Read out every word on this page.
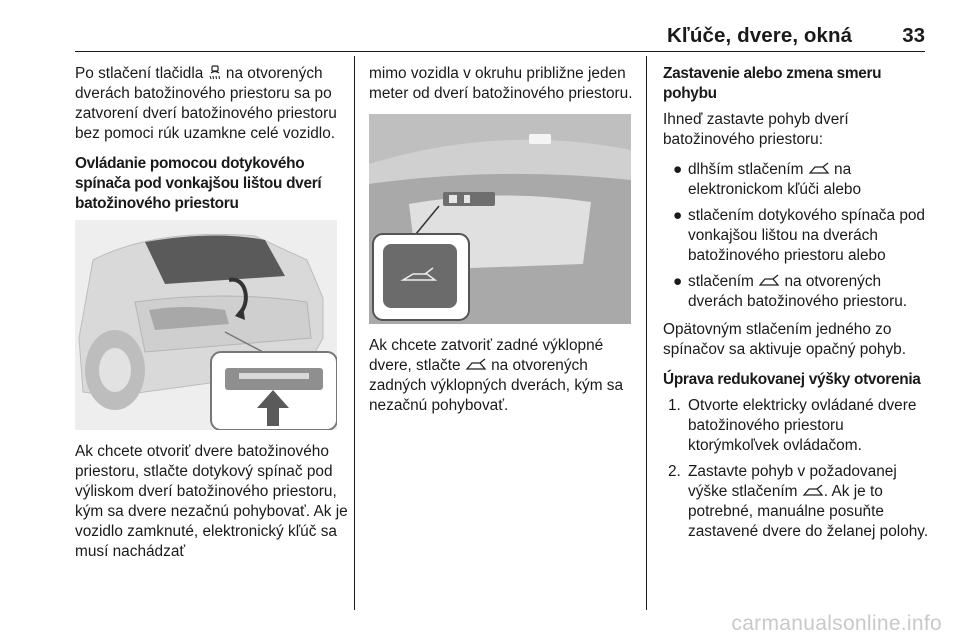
Kľúče, dvere, okná 33

Po stlačení tlačidla na otvorených dverách batožinového priestoru sa po zatvorení dverí batožinového priestoru bez pomoci rúk uzamkne celé vozidlo.

Ovládanie pomocou dotykového spínača pod vonkajšou lištou dverí batožinového priestoru

Ak chcete otvoriť dvere batožinového priestoru, stlačte dotykový spínač pod výliskom dverí batožinového priestoru, kým sa dvere nezačnú pohybovať. Ak je vozidlo zamknuté, elektronický kľúč sa musí nachádzať

mimo vozidla v okruhu približne jeden meter od dverí batožinového priestoru.

Ak chcete zatvoriť zadné výklopné dvere, stlačte na otvorených zadných výklopných dverách, kým sa nezačnú pohybovať.

Zastavenie alebo zmena smeru pohybu

Ihneď zastavte pohyb dverí batožinového priestoru:

● dlhším stlačením na elektronickom kľúči alebo
● stlačením dotykového spínača pod vonkajšou lištou na dverách batožinového priestoru alebo
● stlačením na otvorených dverách batožinového priestoru.

Opätovným stlačením jedného zo spínačov sa aktivuje opačný pohyb.

Úprava redukovanej výšky otvorenia
1. Otvorte elektricky ovládané dvere batožinového priestoru ktorýmkoľvek ovládačom.
2. Zastavte pohyb v požadovanej výške stlačením . Ak je to potrebné, manuálne posuňte zastavené dvere do želanej polohy.
carmanualsonline.info
